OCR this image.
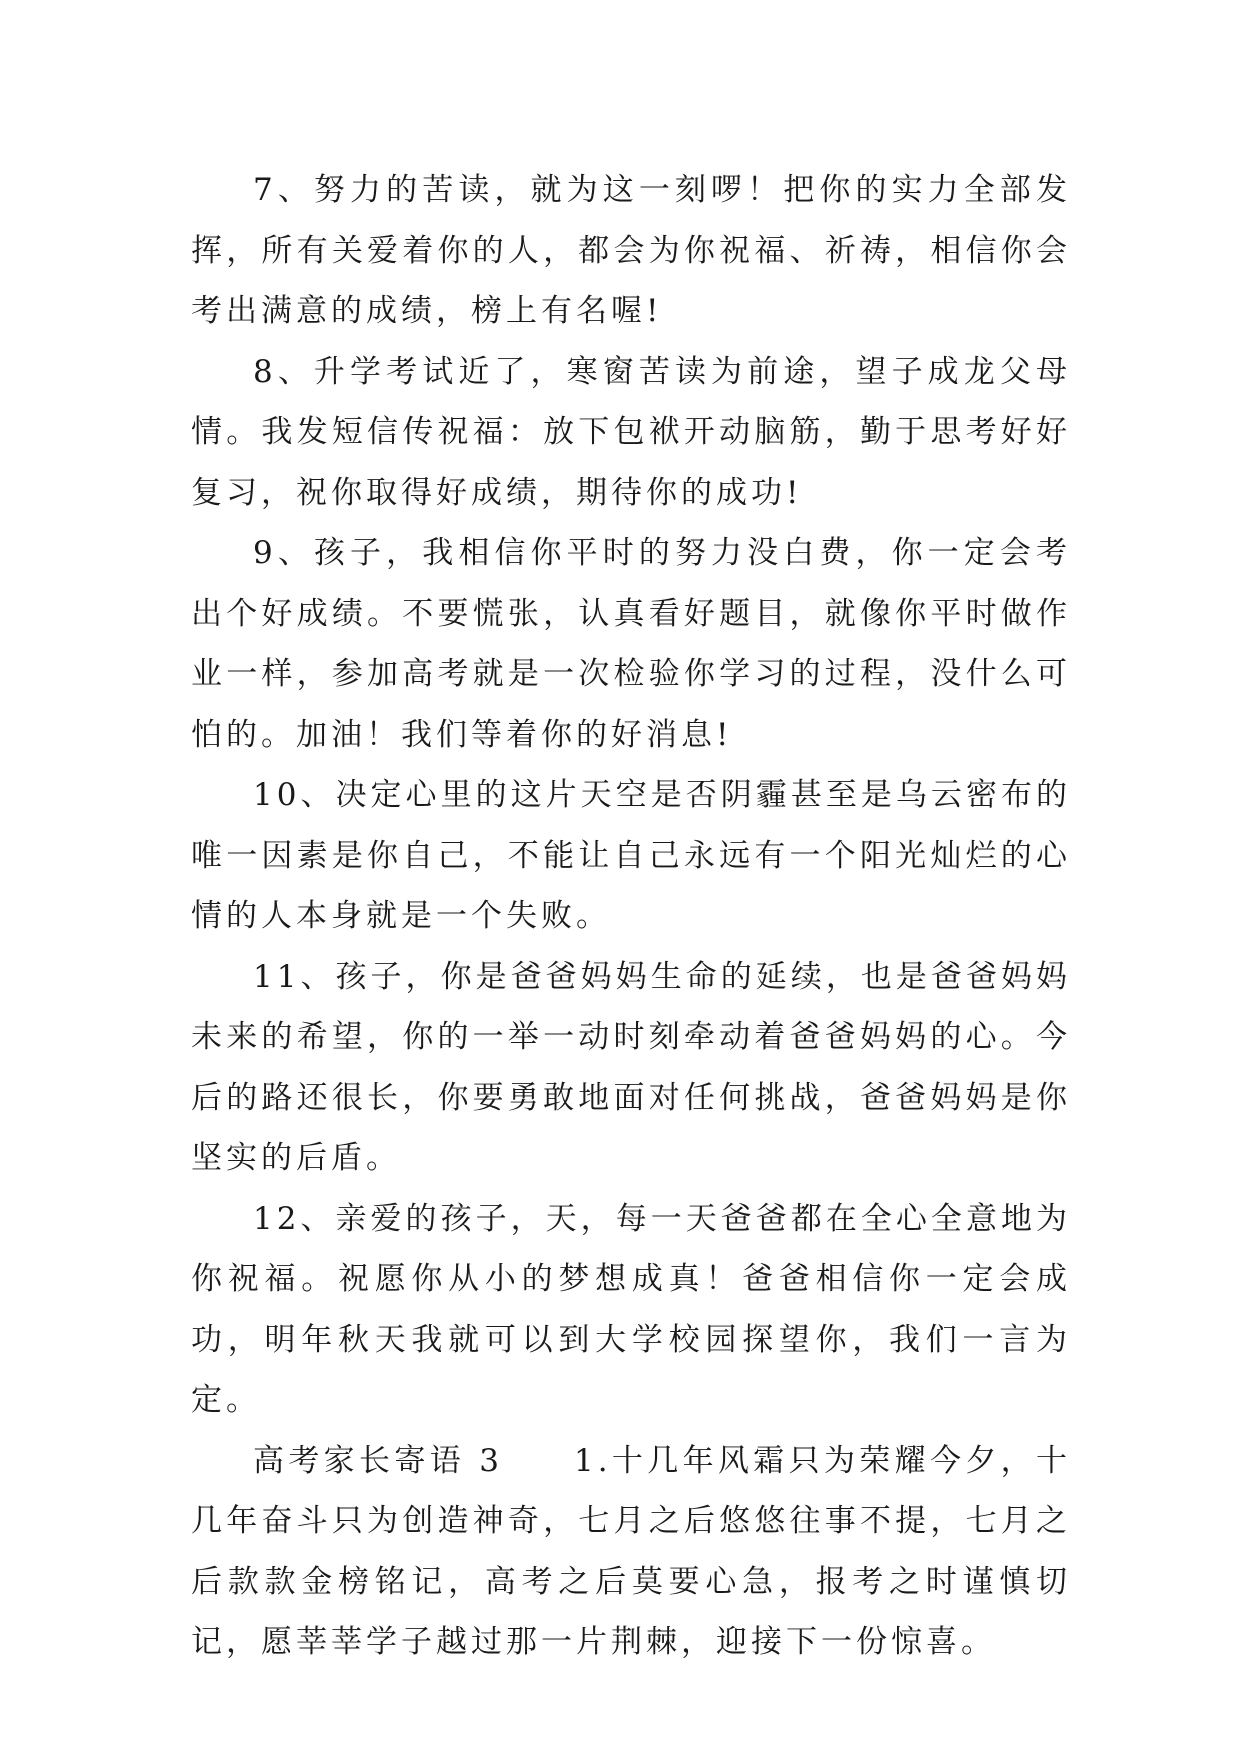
7、努力的苦读，就为这一刻啰！把你的实力全部发挥，所有关爱着你的人，都会为你祝福、祈祷，相信你会考出满意的成绩，榜上有名喔!

8、升学考试近了，寒窗苦读为前途，望子成龙父母情。我发短信传祝福：放下包袱开动脑筋，勤于思考好好复习，祝你取得好成绩，期待你的成功!

9、孩子，我相信你平时的努力没白费，你一定会考出个好成绩。不要慌张，认真看好题目，就像你平时做作业一样，参加高考就是一次检验你学习的过程，没什么可怕的。加油！我们等着你的好消息!

10、决定心里的这片天空是否阴霾甚至是乌云密布的唯一因素是你自己，不能让自己永远有一个阳光灿烂的心情的人本身就是一个失败。

11、孩子，你是爸爸妈妈生命的延续，也是爸爸妈妈未来的希望，你的一举一动时刻牵动着爸爸妈妈的心。今后的路还很长，你要勇敢地面对任何挑战，爸爸妈妈是你坚实的后盾。

12、亲爱的孩子，天，每一天爸爸都在全心全意地为你祝福。祝愿你从小的梦想成真！爸爸相信你一定会成功，明年秋天我就可以到大学校园探望你，我们一言为定。

高考家长寄语 3　　1.十几年风霜只为荣耀今夕，十几年奋斗只为创造神奇，七月之后悠悠往事不提，七月之后款款金榜铭记，高考之后莫要心急，报考之时谨慎切记，愿莘莘学子越过那一片荆棘，迎接下一份惊喜。
